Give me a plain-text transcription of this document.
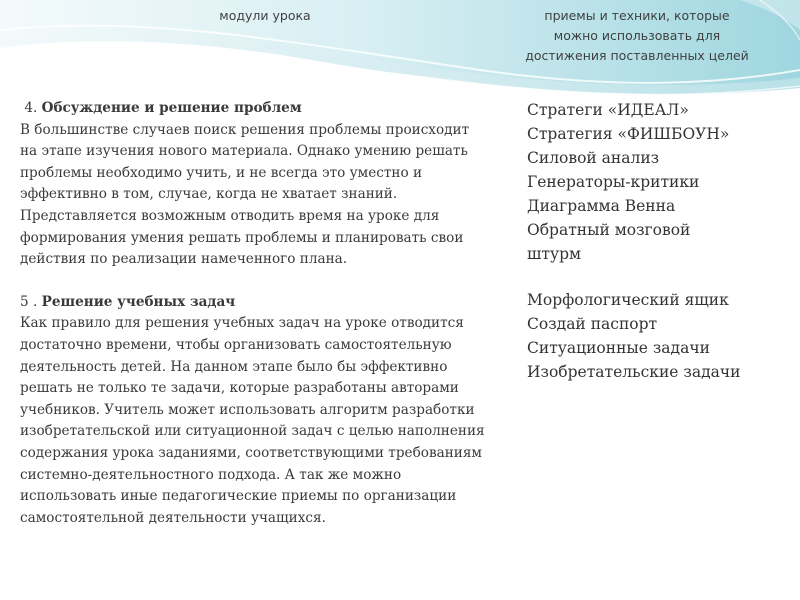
модули урока	приемы и техники, которые можно использовать для достижения поставленных целей

4. Обсуждение и решение проблем

В большинстве случаев поиск решения проблемы происходит

на этапе изучения нового материала. Однако умению решать

проблемы необходимо учить, и не всегда это уместно и

эффективно в том, случае, когда не хватает знаний.

Представляется возможным отводить время на уроке для

формирования умения решать проблемы и планировать свои

действия по реализации намеченного плана.

5 . Решение учебных задач

Как правило для решения учебных задач на уроке отводится

достаточно времени, чтобы организовать самостоятельную

деятельность детей. На данном этапе было бы эффективно

решать не только те задачи, которые разработаны авторами

учебников. Учитель может использовать алгоритм разработки

изобретательской или ситуационной задач с целью наполнения

содержания урока заданиями, соответствующими требованиям

системно-деятельностного подхода. А так же можно

использовать иные педагогические приемы по организации

самостоятельной деятельности учащихся.

Стратеги «ИДЕАЛ»
Стратегия «ФИШБОУН»
Силовой анализ
Генераторы-критики
Диаграмма Венна
Обратный мозговой
штурм
Морфологический ящик
Создай паспорт
Ситуационные задачи
Изобретательские задачи
